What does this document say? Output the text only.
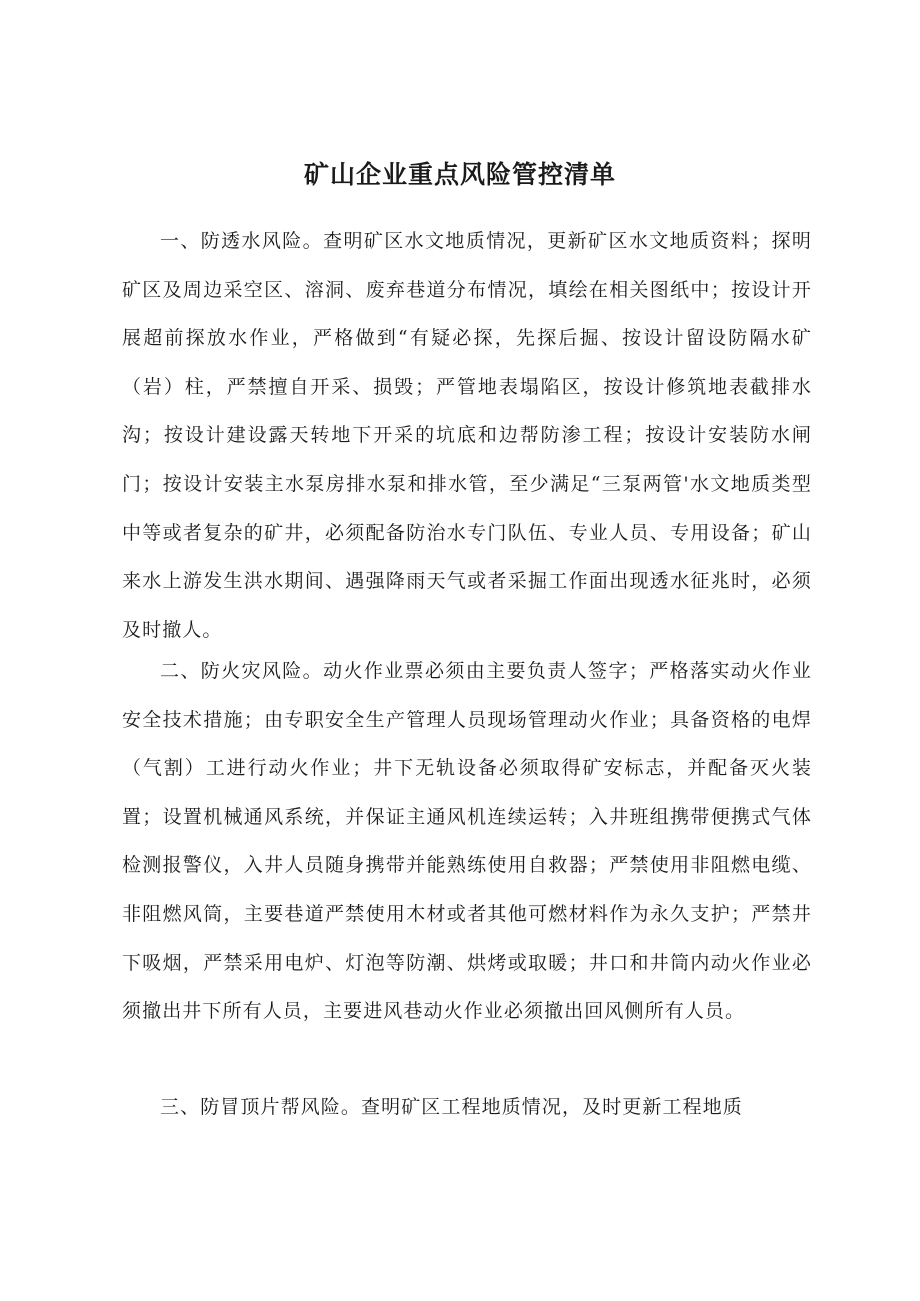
矿山企业重点风险管控清单

一、防透水风险。查明矿区水文地质情况，更新矿区水文地质资料；探明矿区及周边采空区、溶洞、废弃巷道分布情况，填绘在相关图纸中；按设计开展超前探放水作业，严格做到“有疑必探，先探后掘、按设计留设防隔水矿（岩）柱，严禁擅自开采、损毁；严管地表塌陷区，按设计修筑地表截排水沟；按设计建设露天转地下开采的坑底和边帮防渗工程；按设计安装防水闸门；按设计安装主水泵房排水泵和排水管，至少满足“三泵两管'水文地质类型中等或者复杂的矿井，必须配备防治水专门队伍、专业人员、专用设备；矿山来水上游发生洪水期间、遇强降雨天气或者采掘工作面出现透水征兆时，必须及时撤人。

二、防火灾风险。动火作业票必须由主要负责人签字；严格落实动火作业安全技术措施；由专职安全生产管理人员现场管理动火作业；具备资格的电焊（气割）工进行动火作业；井下无轨设备必须取得矿安标志，并配备灭火装置；设置机械通风系统，并保证主通风机连续运转；入井班组携带便携式气体检测报警仪，入井人员随身携带并能熟练使用自救器；严禁使用非阻燃电缆、非阻燃风筒，主要巷道严禁使用木材或者其他可燃材料作为永久支护；严禁井下吸烟，严禁采用电炉、灯泡等防潮、烘烤或取暖；井口和井筒内动火作业必须撤出井下所有人员，主要进风巷动火作业必须撤出回风侧所有人员。

三、防冒顶片帮风险。查明矿区工程地质情况，及时更新工程地质
